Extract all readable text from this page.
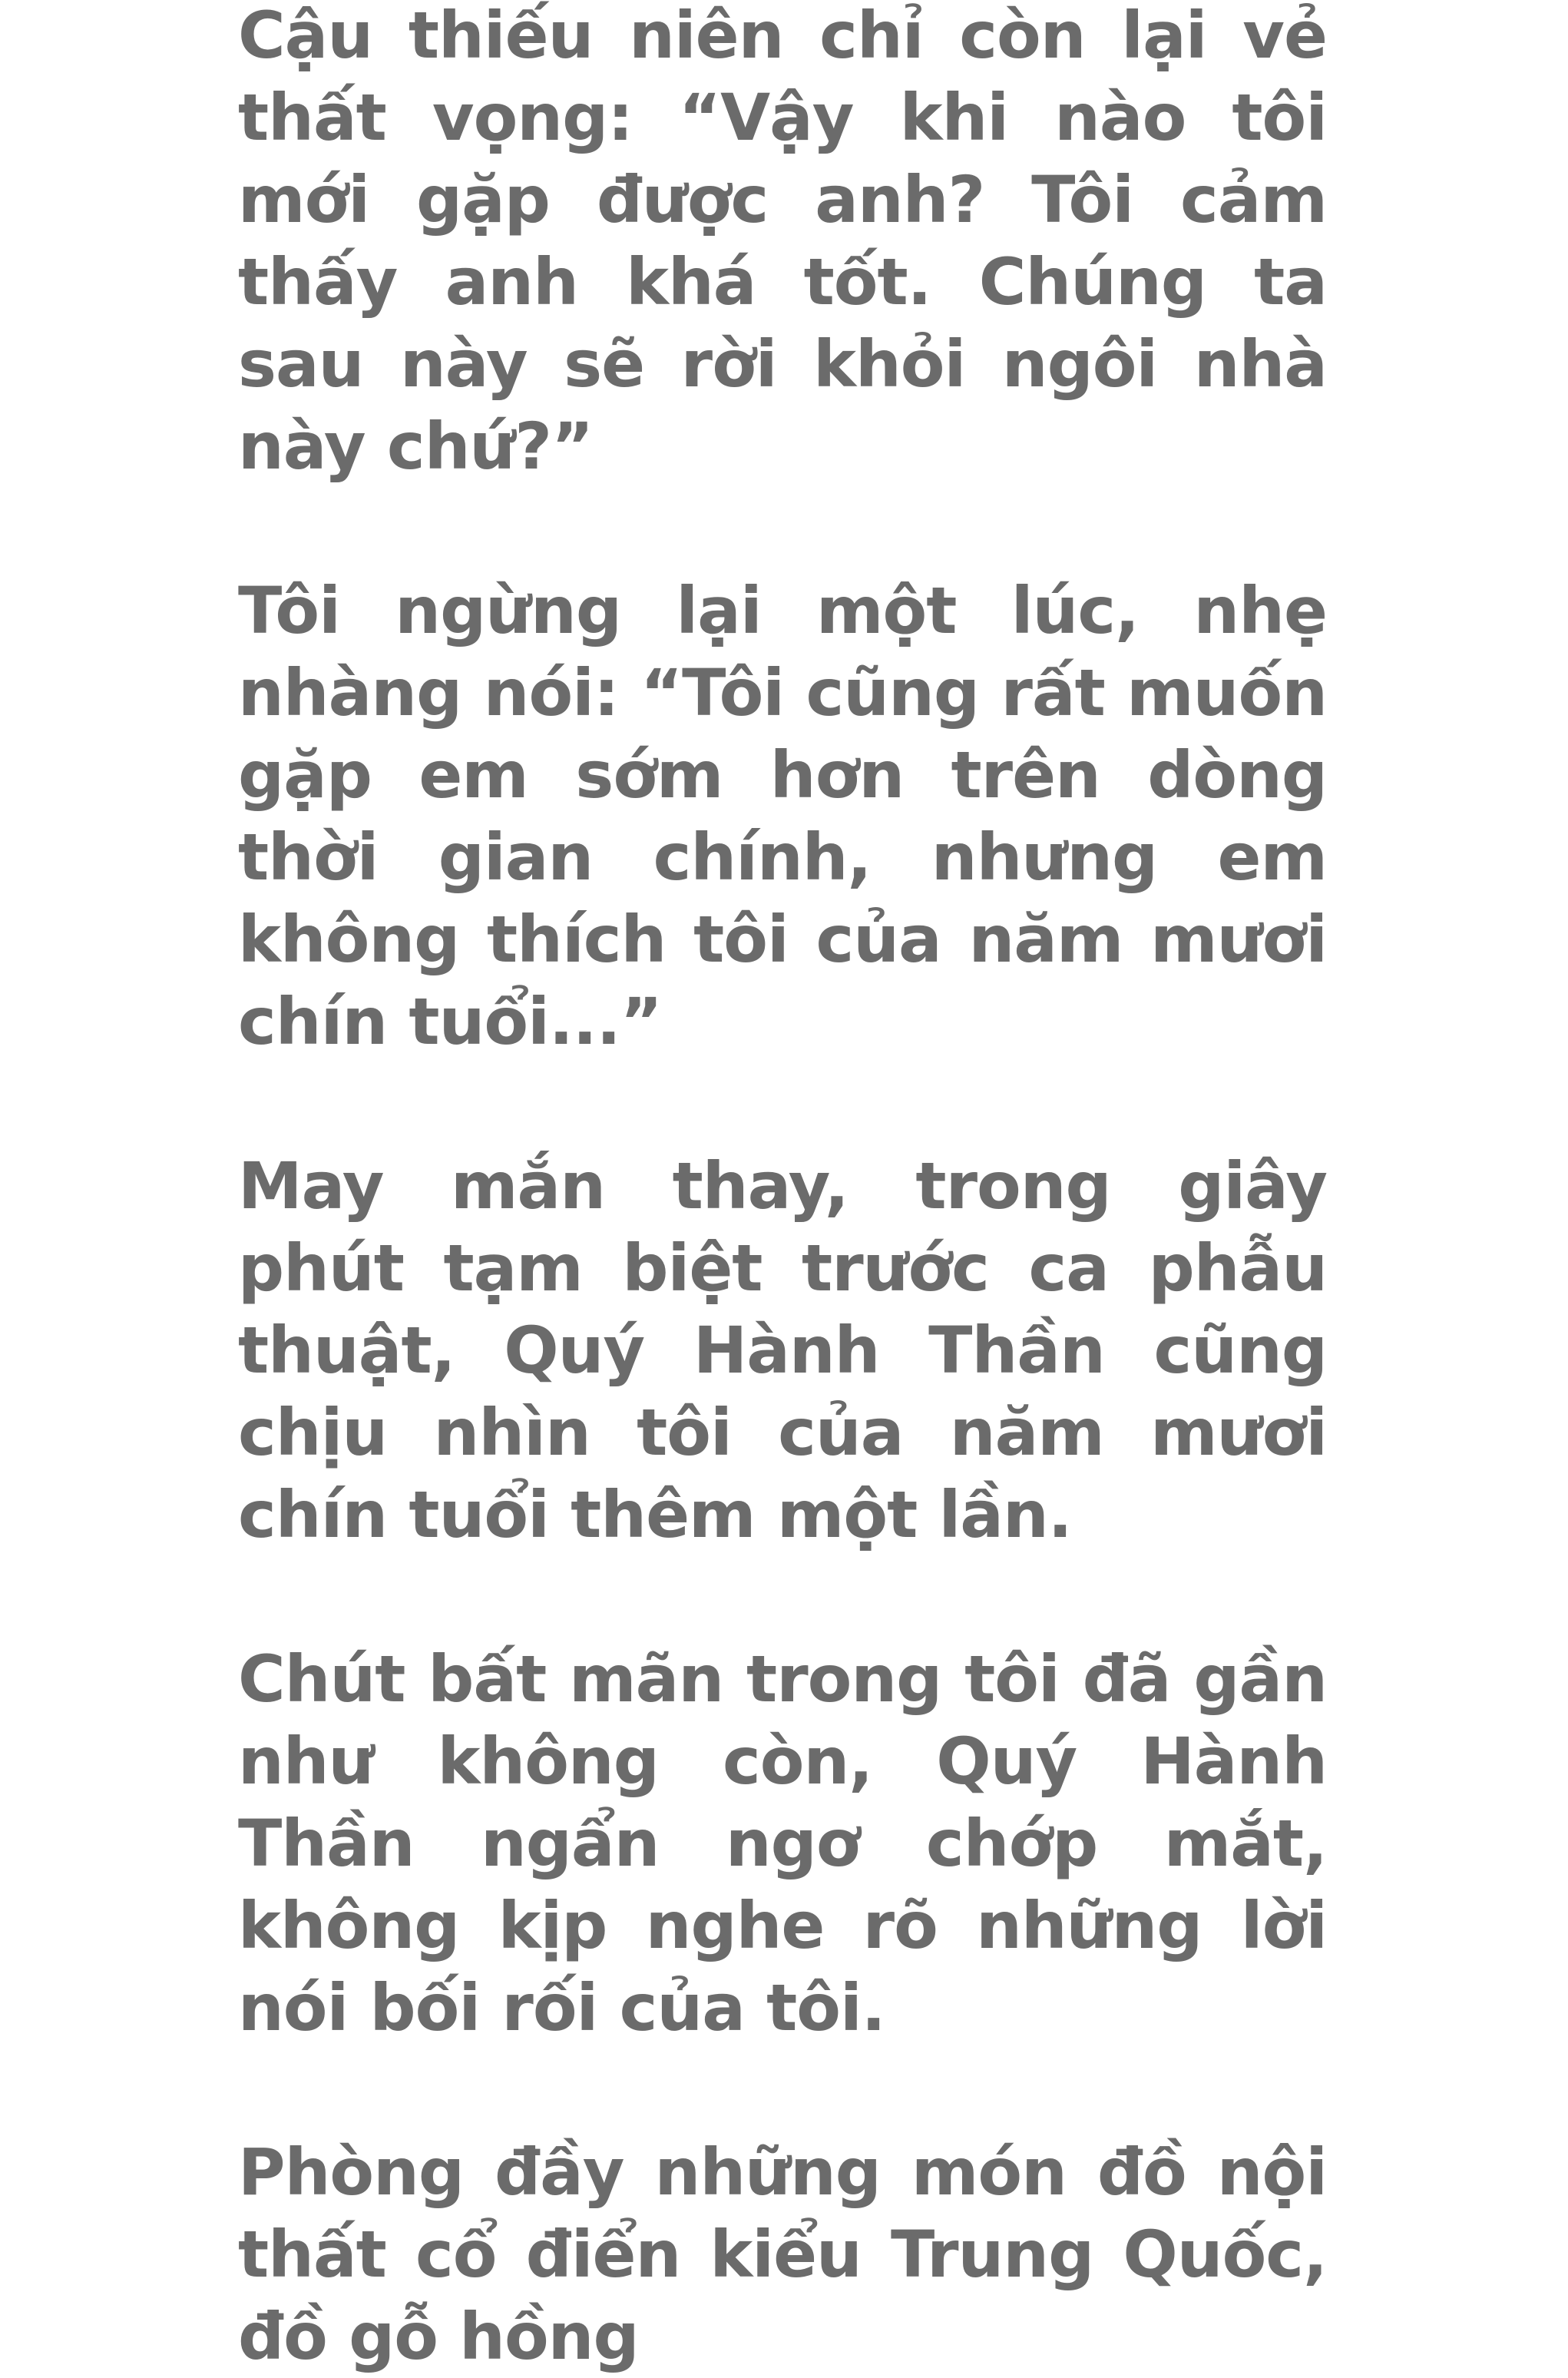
Cậu thiếu niên chỉ còn lại vẻ thất vọng: “Vậy khi nào tôi mới gặp được anh? Tôi cảm thấy anh khá tốt. Chúng ta sau này sẽ rời khỏi ngôi nhà này chứ?”

Tôi ngừng lại một lúc, nhẹ nhàng nói: “Tôi cũng rất muốn gặp em sớm hơn trên dòng thời gian chính, nhưng em không thích tôi của năm mươi chín tuổi...”

May mắn thay, trong giây phút tạm biệt trước ca phẫu thuật, Quý Hành Thần cũng chịu nhìn tôi của năm mươi chín tuổi thêm một lần.

Chút bất mãn trong tôi đã gần như không còn, Quý Hành Thần ngẩn ngơ chớp mắt, không kịp nghe rõ những lời nói bối rối của tôi.

Phòng đầy những món đồ nội thất cổ điển kiểu Trung Quốc, đồ gỗ hồng
